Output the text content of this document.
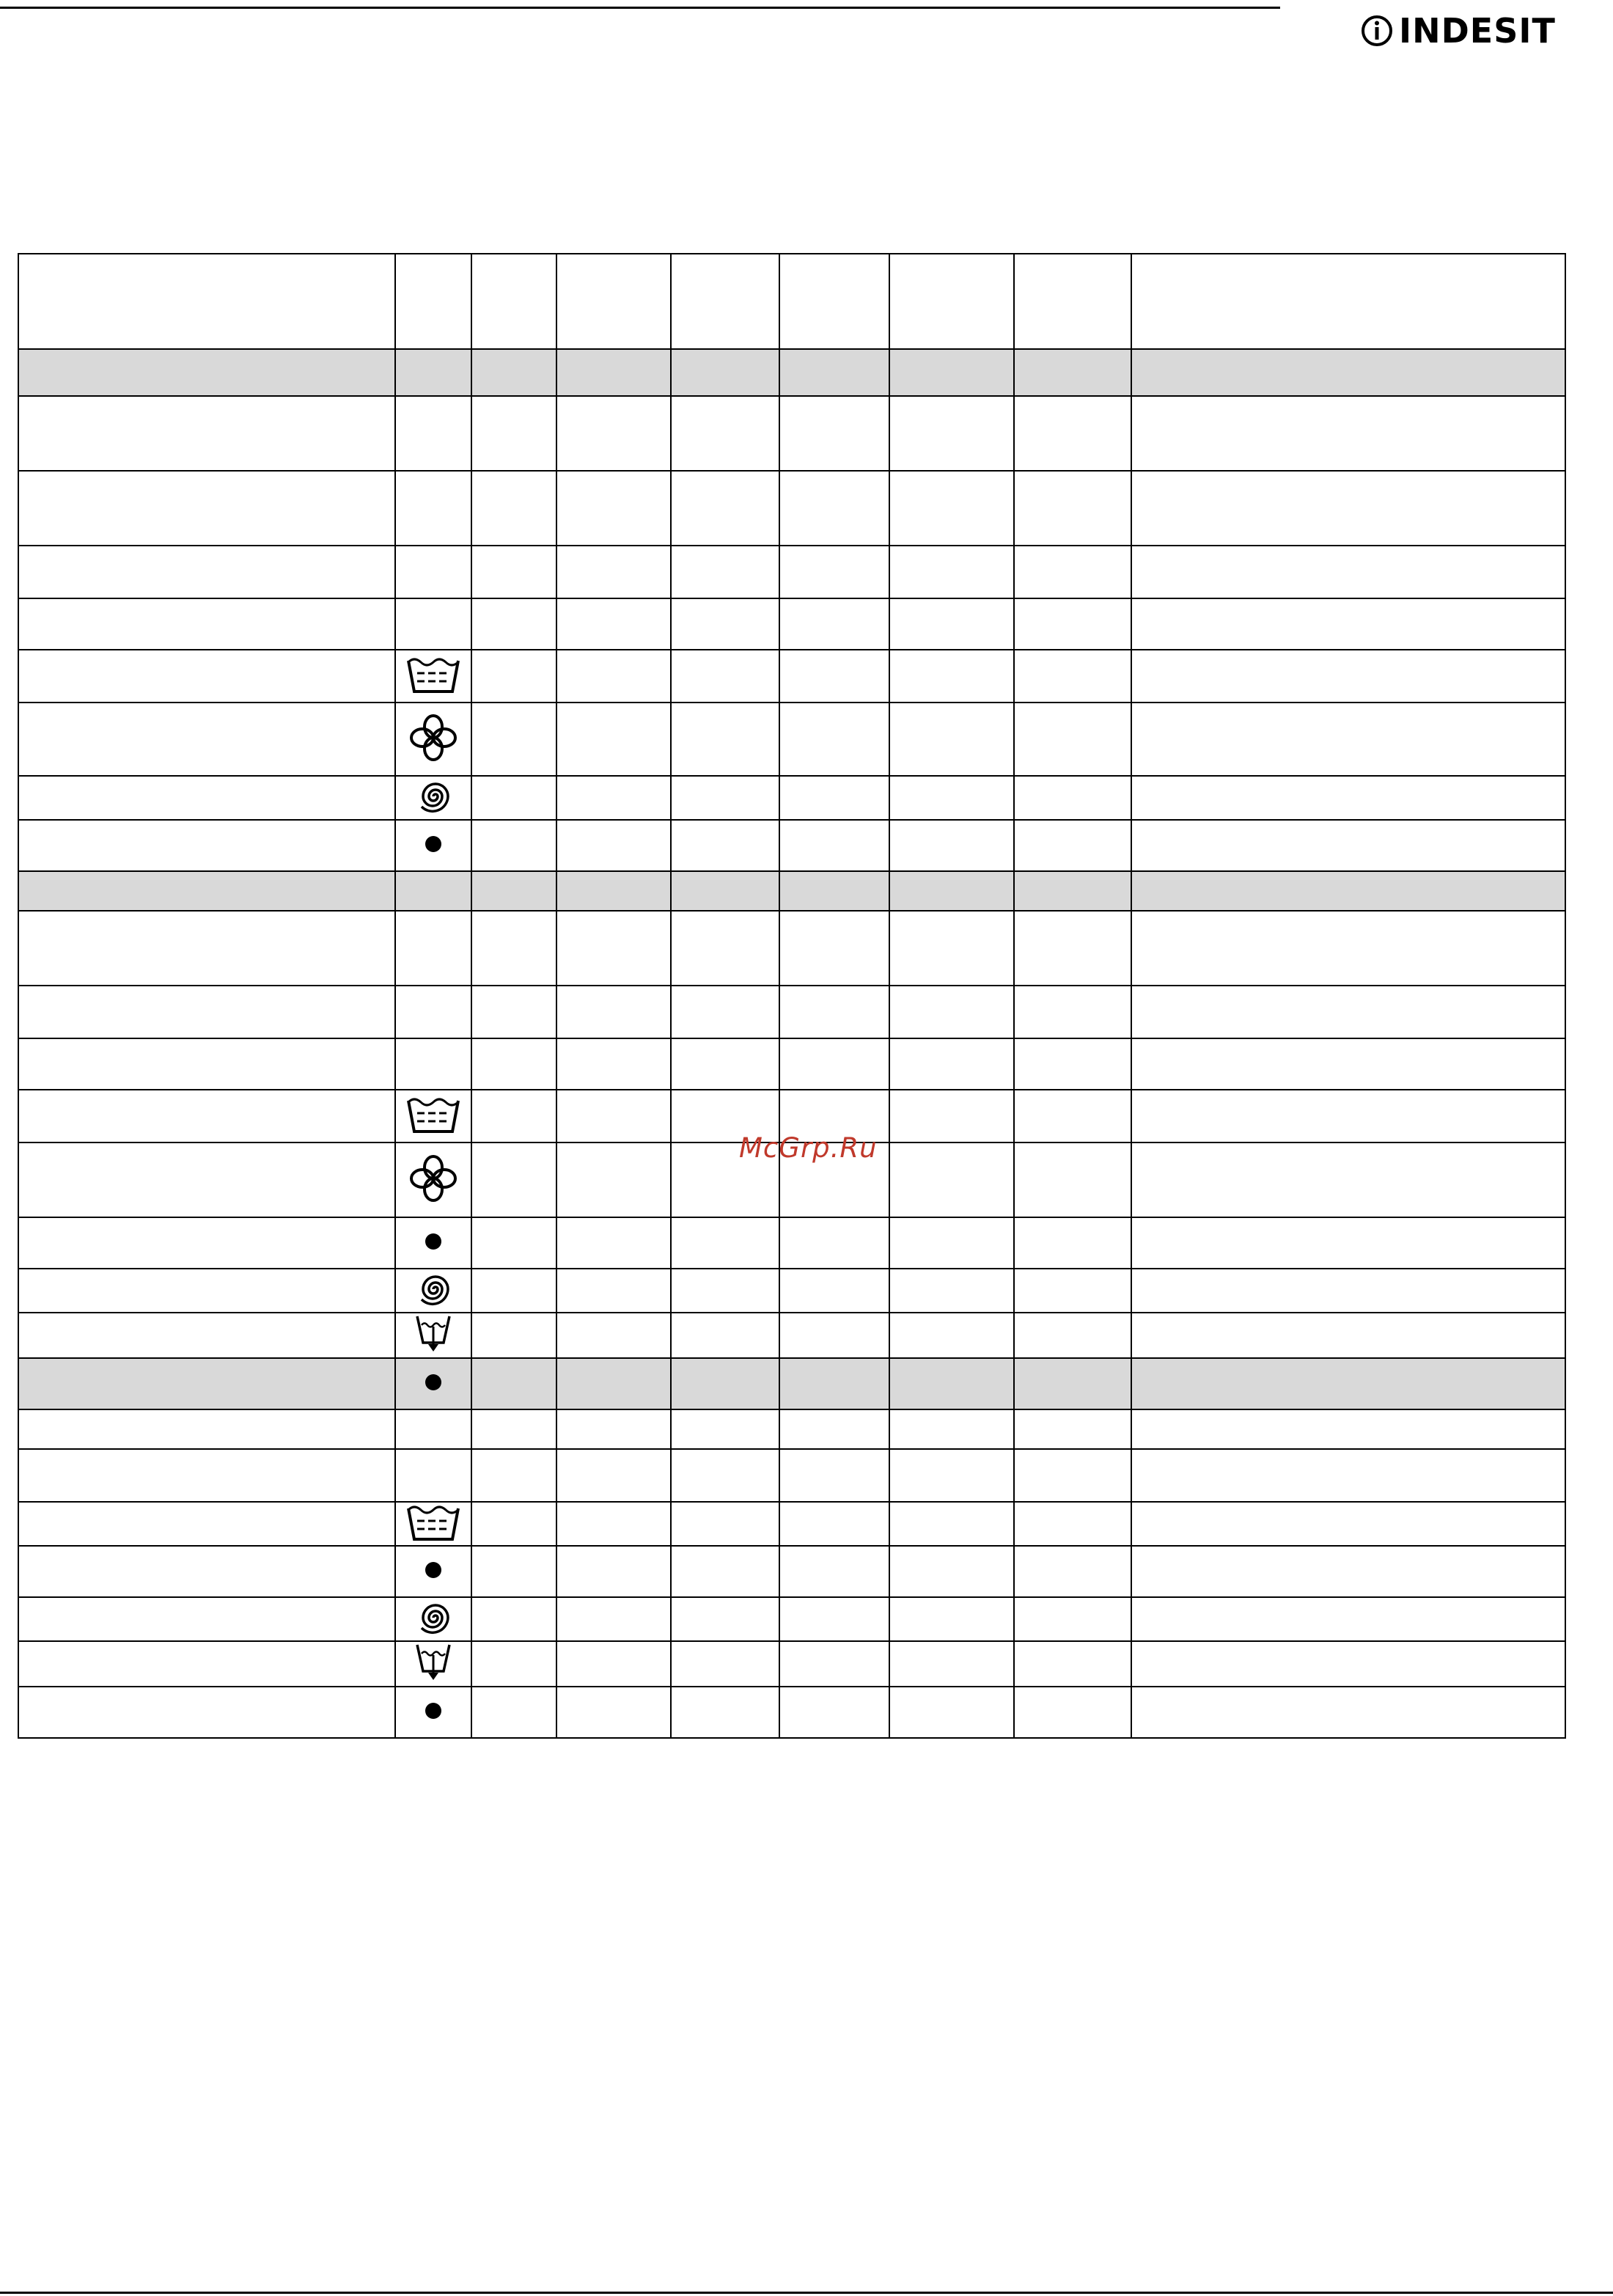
INDESIT

McGrp.Ru
